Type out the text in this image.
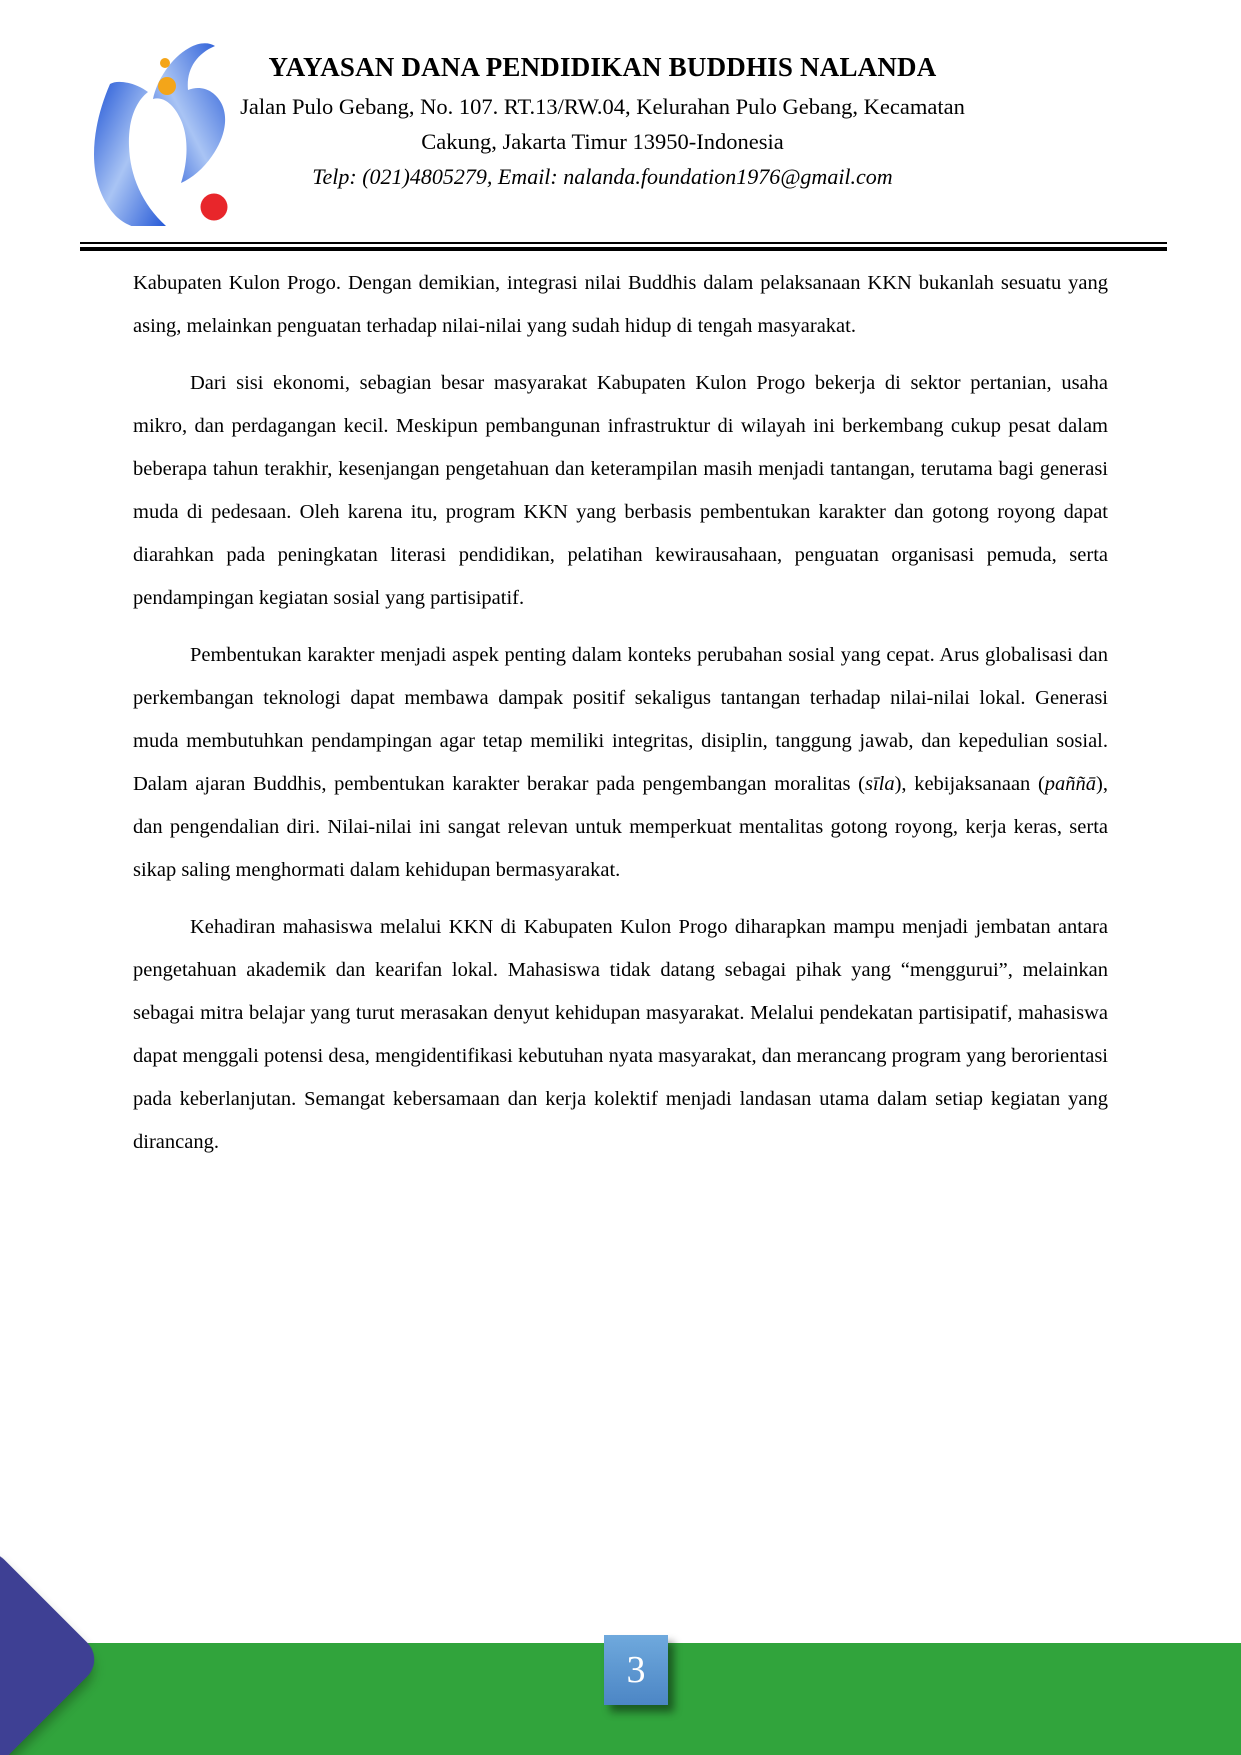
YAYASAN DANA PENDIDIKAN BUDDHIS NALANDA
Jalan Pulo Gebang, No. 107. RT.13/RW.04, Kelurahan Pulo Gebang, Kecamatan
Cakung, Jakarta Timur 13950-Indonesia
Telp: (021)4805279, Email: nalanda.foundation1976@gmail.com

Kabupaten Kulon Progo. Dengan demikian, integrasi nilai Buddhis dalam pelaksanaan KKN bukanlah sesuatu yang asing, melainkan penguatan terhadap nilai-nilai yang sudah hidup di tengah masyarakat.

Dari sisi ekonomi, sebagian besar masyarakat Kabupaten Kulon Progo bekerja di sektor pertanian, usaha mikro, dan perdagangan kecil. Meskipun pembangunan infrastruktur di wilayah ini berkembang cukup pesat dalam beberapa tahun terakhir, kesenjangan pengetahuan dan keterampilan masih menjadi tantangan, terutama bagi generasi muda di pedesaan. Oleh karena itu, program KKN yang berbasis pembentukan karakter dan gotong royong dapat diarahkan pada peningkatan literasi pendidikan, pelatihan kewirausahaan, penguatan organisasi pemuda, serta pendampingan kegiatan sosial yang partisipatif.

Pembentukan karakter menjadi aspek penting dalam konteks perubahan sosial yang cepat. Arus globalisasi dan perkembangan teknologi dapat membawa dampak positif sekaligus tantangan terhadap nilai-nilai lokal. Generasi muda membutuhkan pendampingan agar tetap memiliki integritas, disiplin, tanggung jawab, dan kepedulian sosial. Dalam ajaran Buddhis, pembentukan karakter berakar pada pengembangan moralitas (sīla), kebijaksanaan (paññā), dan pengendalian diri. Nilai-nilai ini sangat relevan untuk memperkuat mentalitas gotong royong, kerja keras, serta sikap saling menghormati dalam kehidupan bermasyarakat.

Kehadiran mahasiswa melalui KKN di Kabupaten Kulon Progo diharapkan mampu menjadi jembatan antara pengetahuan akademik dan kearifan lokal. Mahasiswa tidak datang sebagai pihak yang “menggurui”, melainkan sebagai mitra belajar yang turut merasakan denyut kehidupan masyarakat. Melalui pendekatan partisipatif, mahasiswa dapat menggali potensi desa, mengidentifikasi kebutuhan nyata masyarakat, dan merancang program yang berorientasi pada keberlanjutan. Semangat kebersamaan dan kerja kolektif menjadi landasan utama dalam setiap kegiatan yang dirancang.

3
